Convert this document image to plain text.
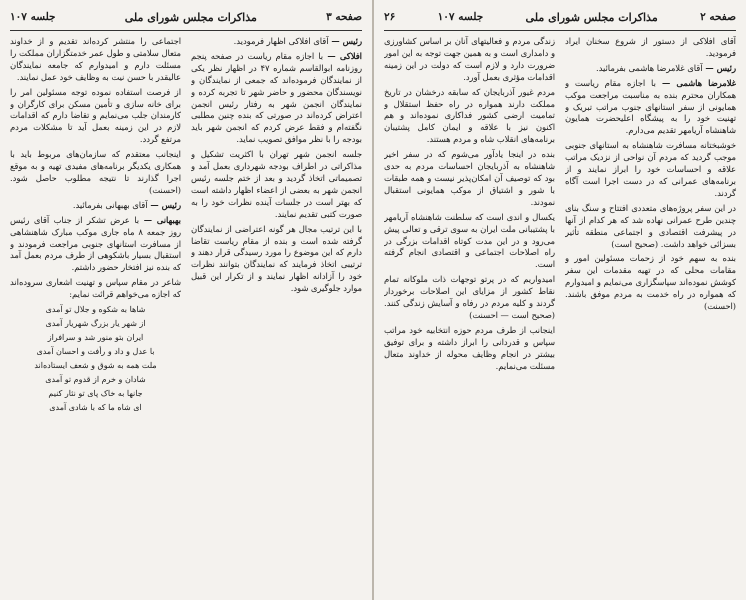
صفحه ۳
مذاکرات مجلس شورای ملی
جلسه ۱۰۷

رئیس — آقای افلاکی اظهار فرمودید.

افلاکی — با اجازه مقام ریاست در صفحه پنجم روزنامه ابوالقاسم شماره ۴۷ در اظهار نظر یکی از نمایندگان فرموده‌اند که جمعی از نمایندگان و نویسندگان محضور و حاضر شهر تا تجربه کرده و نمایندگان انجمن شهر به رفتار رئیس انجمن اعتراض کرده‌اند در صورتی که بنده چنین مطلبی نگفته‌ام و فقط عرض کردم که انجمن شهر باید بودجه را با نظر موافق تصویب نماید.

جلسه انجمن شهر تهران با اکثریت تشکیل و مذاکراتی در اطراف بودجه شهرداری بعمل آمد و تصمیماتی اتخاذ گردید و بعد از ختم جلسه رئیس انجمن شهر به بعضی از اعضاء اظهار داشته است که بهتر است در جلسات آینده نظرات خود را به صورت کتبی تقدیم نمایند.

با این ترتیب مجال هر گونه اعتراضی از نمایندگان گرفته شده است و بنده از مقام ریاست تقاضا دارم که این موضوع را مورد رسیدگی قرار دهند و ترتیبی اتخاذ فرمایند که نمایندگان بتوانند نظرات خود را آزادانه اظهار نمایند و از تکرار این قبیل موارد جلوگیری شود.

اجتماعی را منتشر کرده‌اند تقدیم و از خداوند متعال سلامتی و طول عمر خدمتگزاران مملکت را مسئلت دارم و امیدوارم که جامعه نمایندگان عالیقدر با حسن نیت به وظایف خود عمل نمایند.

از فرصت استفاده نموده توجه مسئولین امر را برای خانه سازی و تأمین مسکن برای کارگران و کارمندان جلب می‌نمایم و تقاضا دارم که اقدامات لازم در این زمینه بعمل آید تا مشکلات مردم مرتفع گردد.

اینجانب معتقدم که سازمان‌های مربوط باید با همکاری یکدیگر برنامه‌های مفیدی تهیه و به موقع اجرا گذارند تا نتیجه مطلوب حاصل شود. (احسنت)

رئیس — آقای بهبهانی بفرمائید.

بهبهانی — با عرض تشکر از جناب آقای رئیس روز جمعه ۸ ماه جاری موکب مبارک شاهنشاهی از مسافرت استانهای جنوبی مراجعت فرمودند و استقبال بسیار باشکوهی از طرف مردم بعمل آمد که بنده نیز افتخار حضور داشتم.

شاعر در مقام سپاس و تهنیت اشعاری سروده‌اند که اجازه می‌خواهم قرائت نمایم:

شاها به شکوه و جلال تو آمدی
از شهر یار بزرگ شهریار آمدی
ایران بتو منور شد و سرافراز
با عدل و داد و رأفت و احسان آمدی
ملت همه به شوق و شعف ایستاده‌اند
شادان و خرم از قدوم تو آمدی
جانها به خاک پای تو نثار کنیم
ای شاه ما که با شادی آمدی
صفحه ۲
مذاکرات مجلس شورای ملی
جلسه ۱۰۷
۲۶

آقای افلاکی از دستور از شروع سخنان ایراد فرمودید.

رئیس — آقای غلامرضا هاشمی بفرمائید.

غلامرضا هاشمی — با اجازه مقام ریاست و همکاران محترم بنده به مناسبت مراجعت موکب همایونی از سفر استانهای جنوب مراتب تبریک و تهنیت خود را به پیشگاه اعلیحضرت همایون شاهنشاه آریامهر تقدیم می‌دارم.

خوشبختانه مسافرت شاهنشاه به استانهای جنوبی موجب گردید که مردم آن نواحی از نزدیک مراتب علاقه و احساسات خود را ابراز نمایند و از برنامه‌های عمرانی که در دست اجرا است آگاه گردند.

در این سفر پروژه‌های متعددی افتتاح و سنگ بنای چندین طرح عمرانی نهاده شد که هر کدام از آنها در پیشرفت اقتصادی و اجتماعی منطقه تأثیر بسزائی خواهد داشت. (صحیح است)

بنده به سهم خود از زحمات مسئولین امور و مقامات محلی که در تهیه مقدمات این سفر کوشش نموده‌اند سپاسگزاری می‌نمایم و امیدوارم که همواره در راه خدمت به مردم موفق باشند. (احسنت)

زندگی مردم و فعالیتهای آنان بر اساس کشاورزی و دامداری است و به همین جهت توجه به این امور ضرورت دارد و لازم است که دولت در این زمینه اقدامات مؤثری بعمل آورد.

مردم غیور آذربایجان که سابقه درخشان در تاریخ مملکت دارند همواره در راه حفظ استقلال و تمامیت ارضی کشور فداکاری نموده‌اند و هم اکنون نیز با علاقه و ایمان کامل پشتیبان برنامه‌های انقلاب شاه و مردم هستند.

بنده در اینجا یادآور می‌شوم که در سفر اخیر شاهنشاه به آذربایجان احساسات مردم به حدی بود که توصیف آن امکان‌پذیر نیست و همه طبقات با شور و اشتیاق از موکب همایونی استقبال نمودند.

یکسال و اندی است که سلطنت شاهنشاه آریامهر با پشتیبانی ملت ایران به سوی ترقی و تعالی پیش می‌رود و در این مدت کوتاه اقدامات بزرگی در راه اصلاحات اجتماعی و اقتصادی انجام گرفته است.

امیدواریم که در پرتو توجهات ذات ملوکانه تمام نقاط کشور از مزایای این اصلاحات برخوردار گردند و کلیه مردم در رفاه و آسایش زندگی کنند. (صحیح است — احسنت)

اینجانب از طرف مردم حوزه انتخابیه خود مراتب سپاس و قدردانی را ابراز داشته و برای توفیق بیشتر در انجام وظایف محوله از خداوند متعال مسئلت می‌نمایم.
